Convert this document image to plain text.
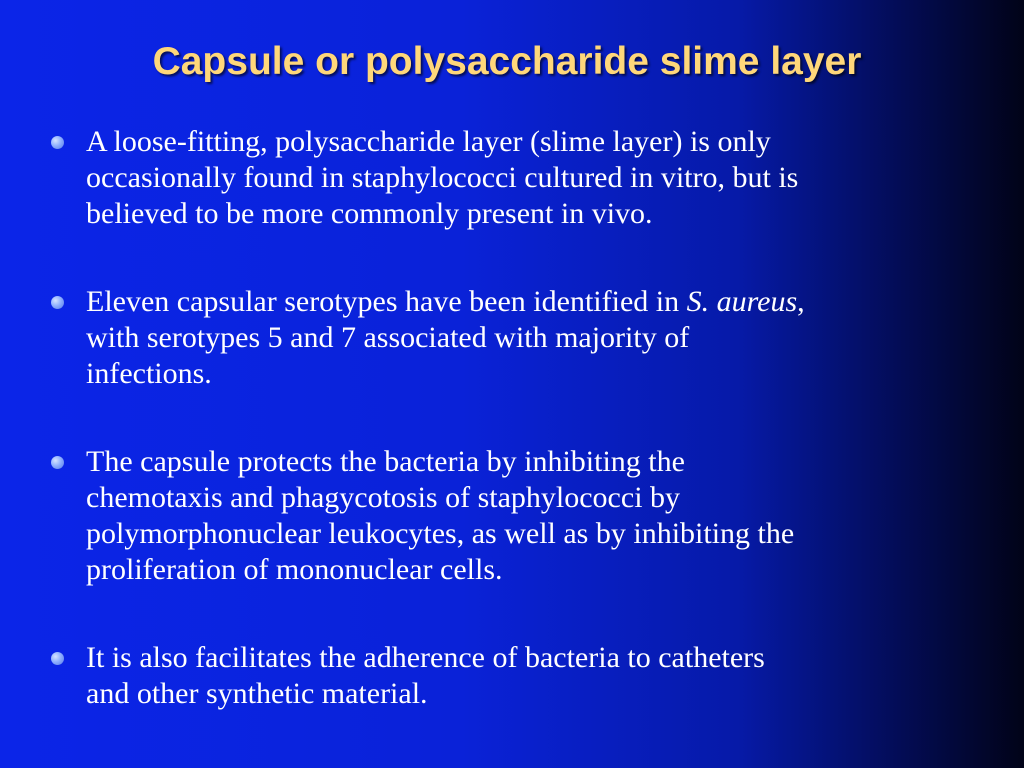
Capsule or polysaccharide slime layer
A loose-fitting, polysaccharide layer (slime layer) is only
occasionally found in staphylococci cultured in vitro, but is
believed to be more commonly present in vivo.
Eleven capsular serotypes have been identified in S. aureus,
with serotypes 5 and 7 associated with majority of
infections.
The capsule protects the bacteria by inhibiting the
chemotaxis and phagycotosis of staphylococci by
polymorphonuclear leukocytes, as well as by inhibiting the
proliferation of mononuclear cells.
It is also facilitates the adherence of bacteria to catheters
and other synthetic material.
